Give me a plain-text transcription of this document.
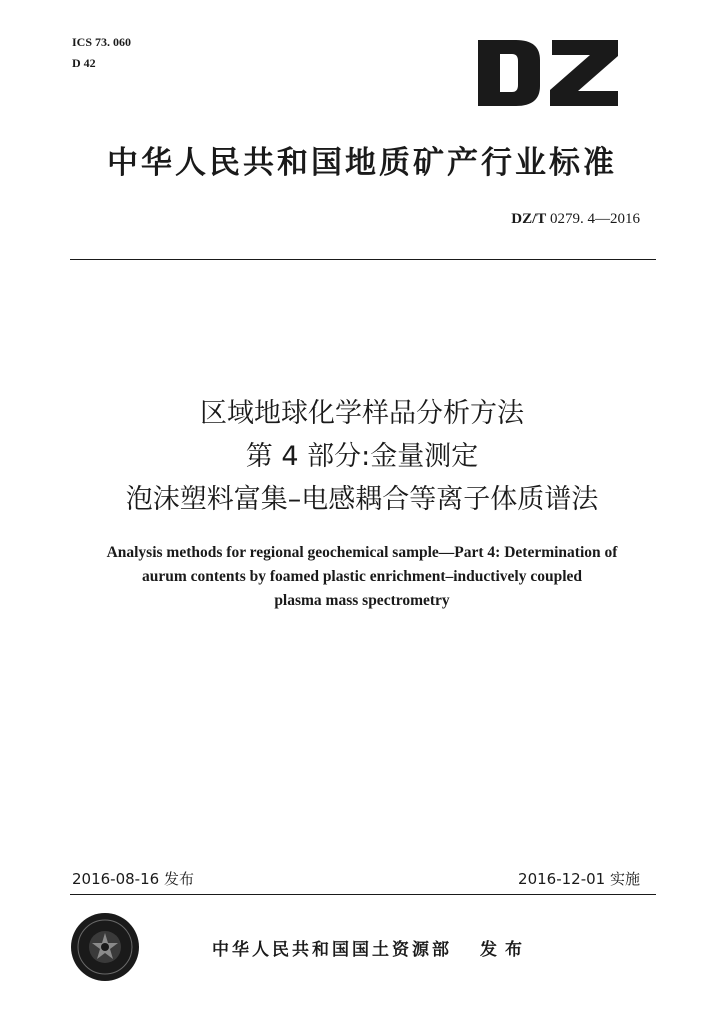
ICS 73. 060
D 42
中华人民共和国地质矿产行业标准
DZ/T 0279. 4—2016
区域地球化学样品分析方法
第 4 部分:金量测定
泡沫塑料富集–电感耦合等离子体质谱法
Analysis methods for regional geochemical sample—Part 4: Determination of
aurum contents by foamed plastic enrichment–inductively coupled
plasma mass spectrometry
2016-08-16 发布	2016-12-01 实施
中华人民共和国国土资源部 发布
